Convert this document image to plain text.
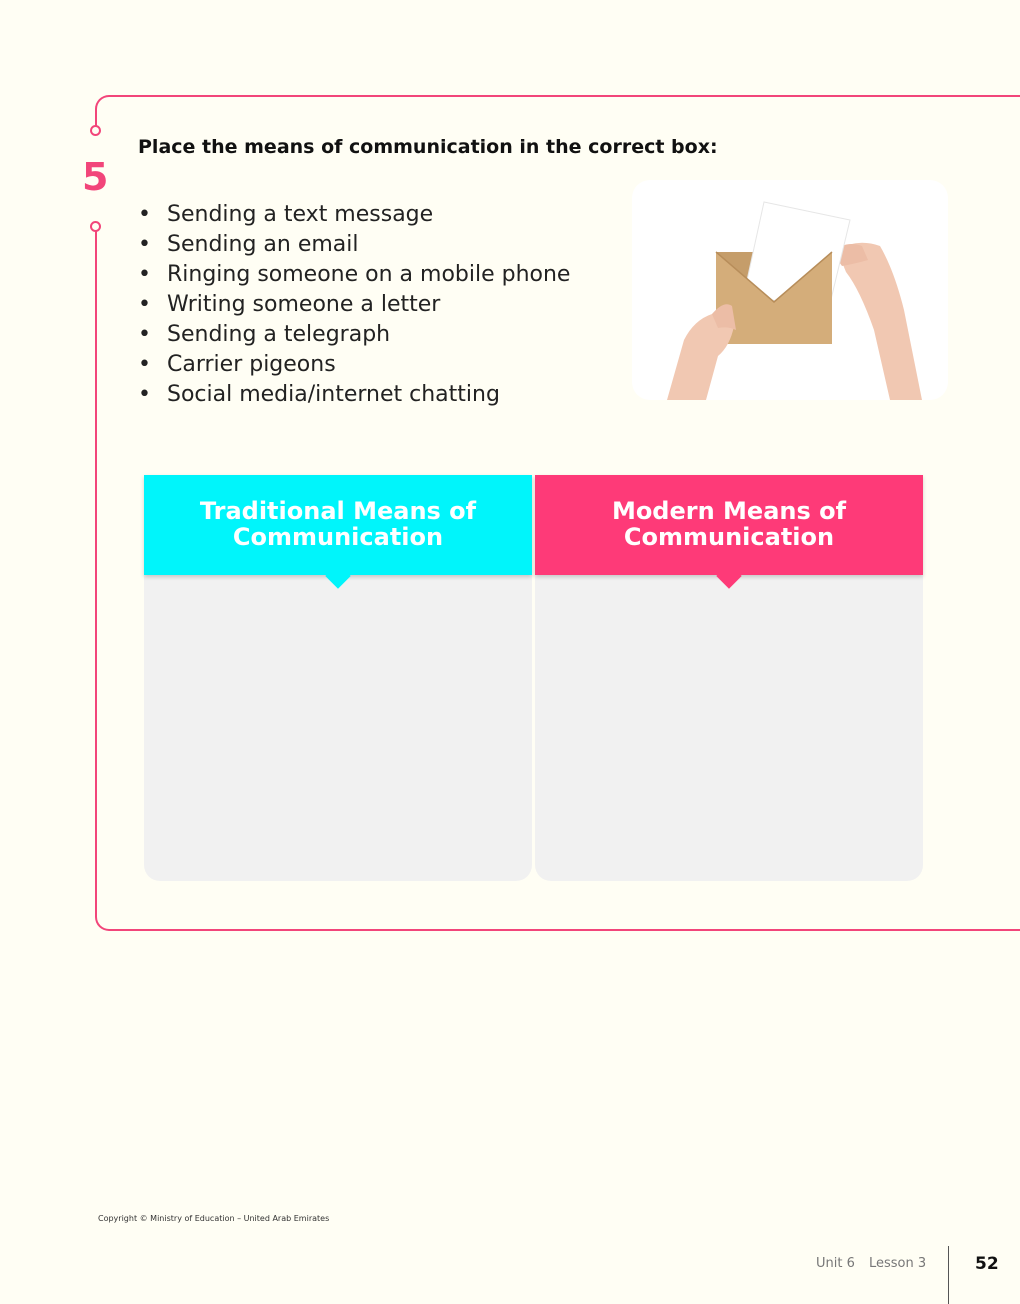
5
Place the means of communication in the correct box:
• Sending a text message
• Sending an email
• Ringing someone on a mobile phone
• Writing someone a letter
• Sending a telegraph
• Carrier pigeons
• Social media/internet chatting
Traditional Means of Communication
Modern Means of Communication
Copyright © Ministry of Education – United Arab Emirates
Unit 6 Lesson 3	52
